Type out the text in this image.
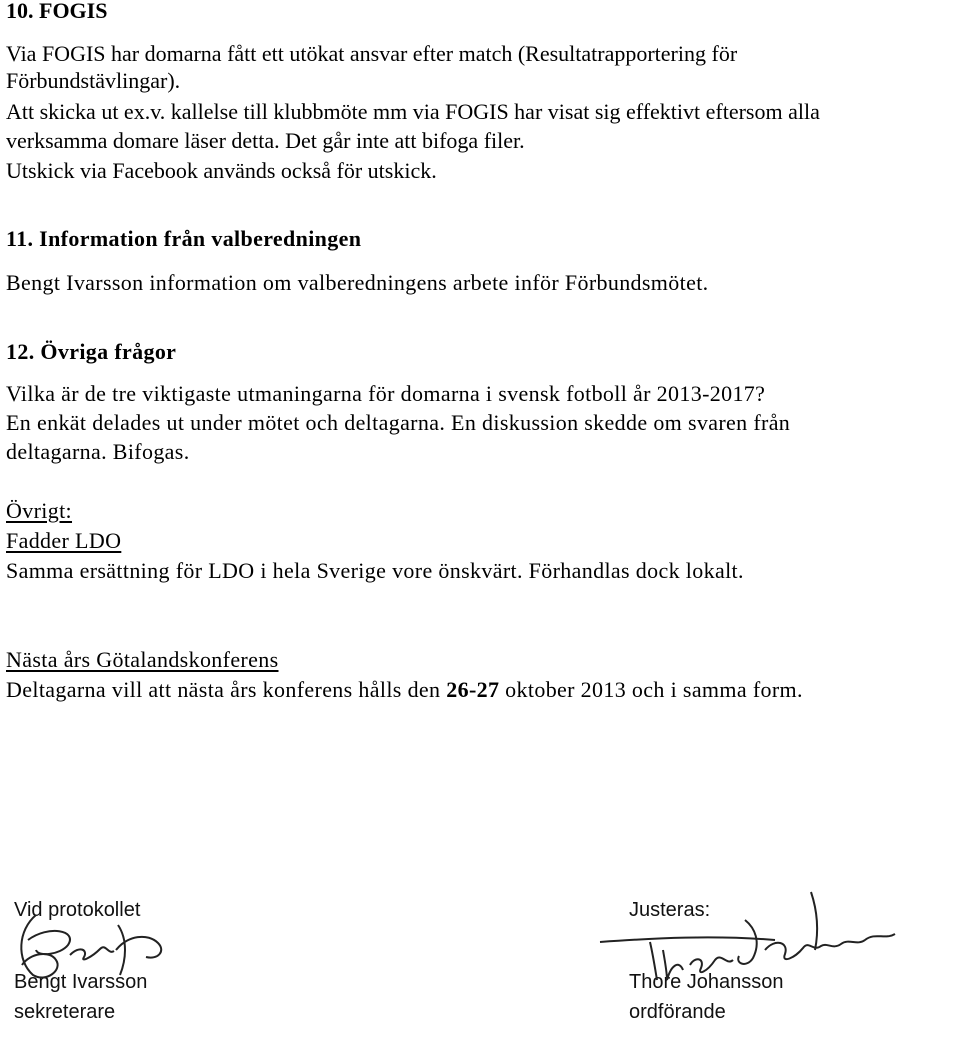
10. FOGIS
Via FOGIS har domarna fått ett utökat ansvar efter match (Resultatrapportering för
Förbundstävlingar).
Att skicka ut ex.v. kallelse till klubbmöte mm via FOGIS har visat sig effektivt eftersom alla
verksamma domare läser detta. Det går inte att bifoga filer.
Utskick via Facebook används också för utskick.
11. Information från valberedningen
Bengt Ivarsson information om valberedningens arbete inför Förbundsmötet.
12. Övriga frågor
Vilka är de tre viktigaste utmaningarna för domarna i svensk fotboll år 2013-2017?
En enkät delades ut under mötet och deltagarna. En diskussion skedde om svaren från
deltagarna. Bifogas.
Övrigt:
Fadder LDO
Samma ersättning för LDO i hela Sverige vore önskvärt. Förhandlas dock lokalt.
Nästa års Götalandskonferens
Deltagarna vill att nästa års konferens hålls den 26-27 oktober 2013 och i samma form.
Vid protokollet
Bengt Ivarsson
sekreterare
Justeras:
Thore Johansson
ordförande
